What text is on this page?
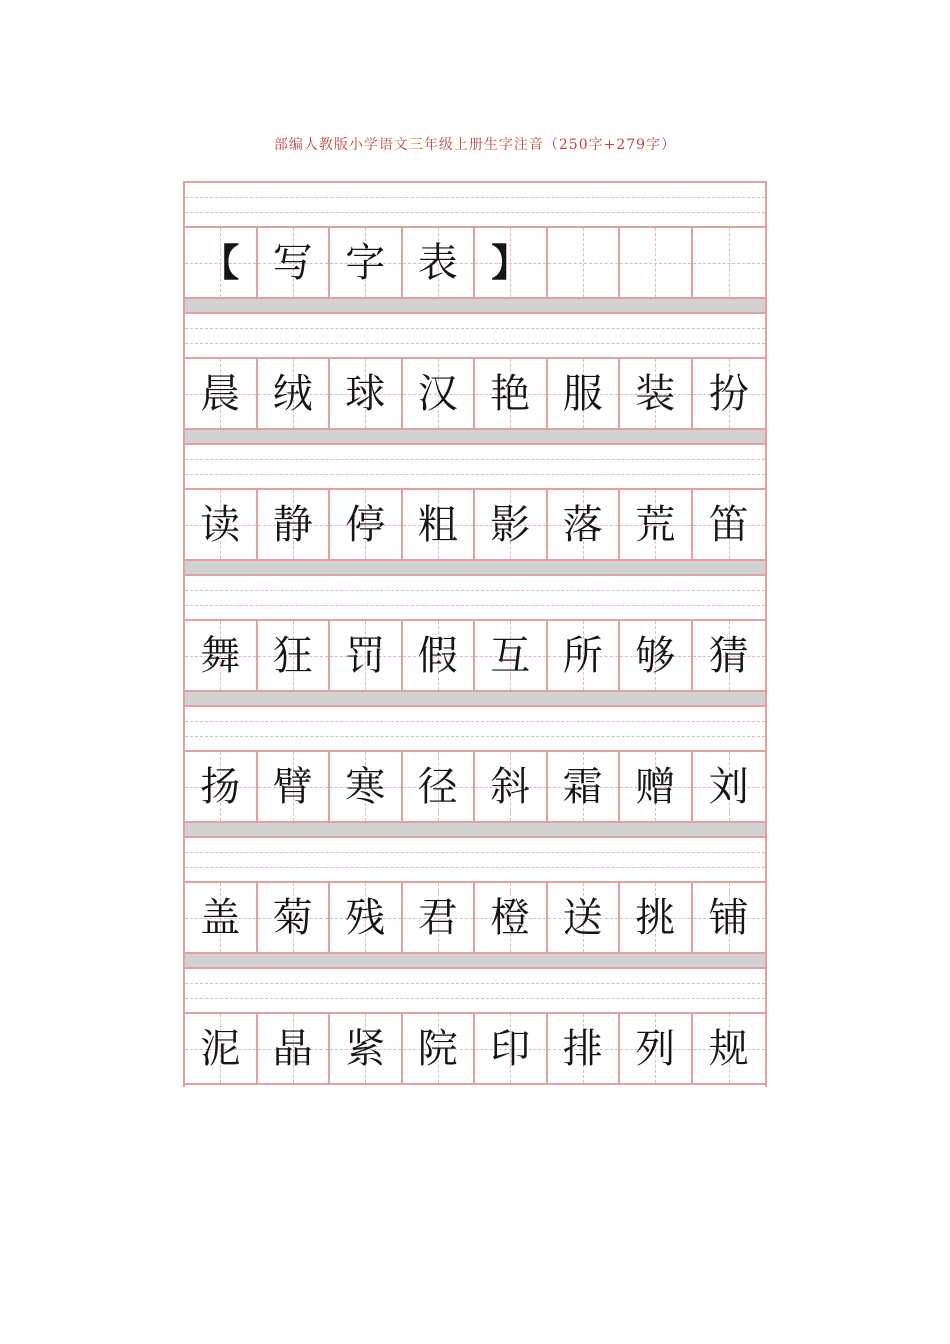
部编人教版小学语文三年级上册生字注音（250字+279字）
【 写 字 表 】
晨 绒 球 汉 艳 服 装 扮
读 静 停 粗 影 落 荒 笛
舞 狂 罚 假 互 所 够 猜
扬 臂 寒 径 斜 霜 赠 刘
盖 菊 残 君 橙 送 挑 铺
泥 晶 紧 院 印 排 列 规
